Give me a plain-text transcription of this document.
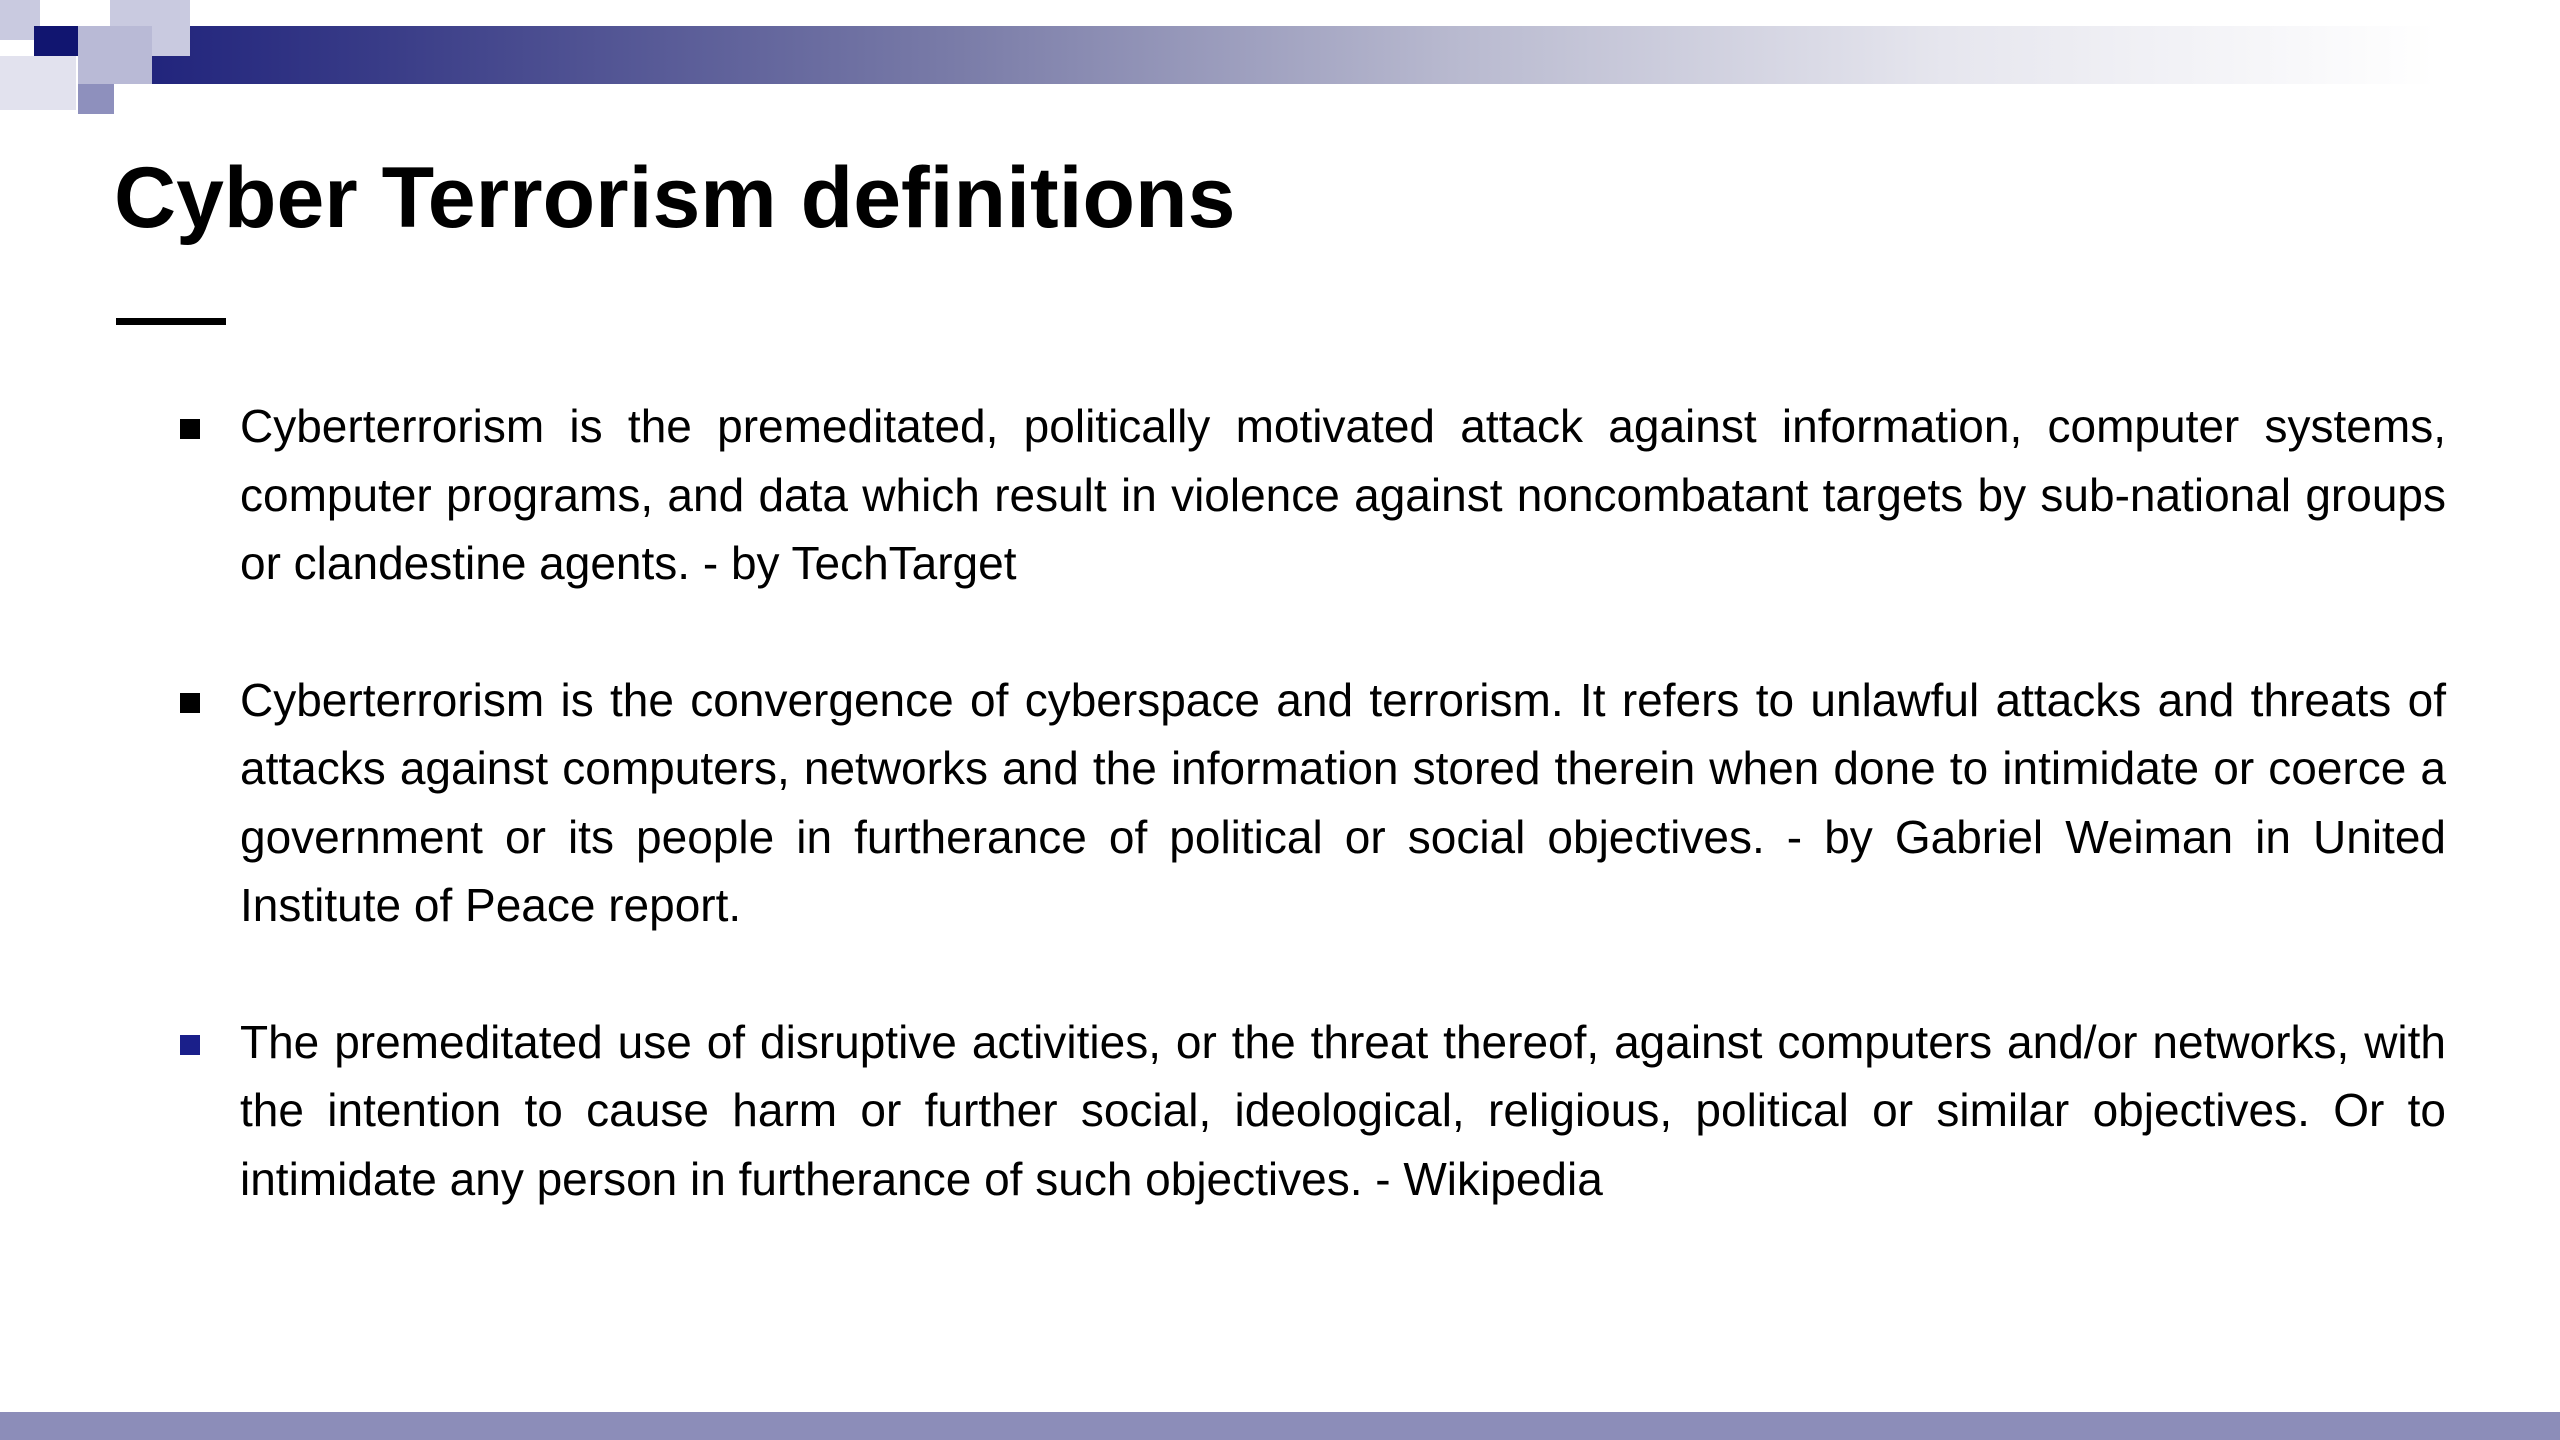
Cyber Terrorism definitions
Cyberterrorism is the premeditated, politically motivated attack against information, computer systems, computer programs, and data which result in violence against noncombatant targets by sub-national groups or clandestine agents. - by TechTarget
Cyberterrorism is the convergence of cyberspace and terrorism. It refers to unlawful attacks and threats of attacks against computers, networks and the information stored therein when done to intimidate or coerce a government or its people in furtherance of political or social objectives. - by Gabriel Weiman in United Institute of Peace report.
The premeditated use of disruptive activities, or the threat thereof, against computers and/or networks, with the intention to cause harm or further social, ideological, religious, political or similar objectives. Or to intimidate any person in furtherance of such objectives. - Wikipedia
